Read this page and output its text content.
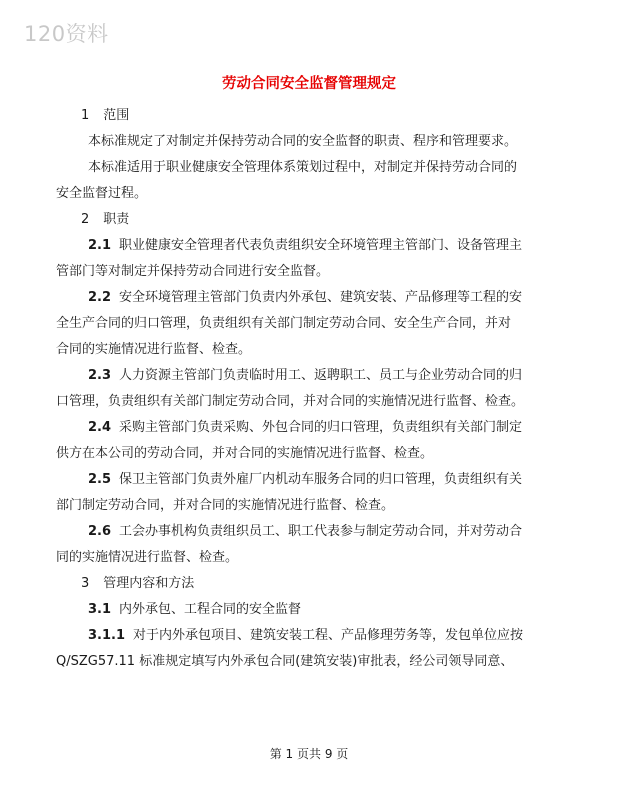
120资料
劳动合同安全监督管理规定
1 范围
本标准规定了对制定并保持劳动合同的安全监督的职责、程序和管理要求。
本标准适用于职业健康安全管理体系策划过程中，对制定并保持劳动合同的
安全监督过程。
2 职责
2.1 职业健康安全管理者代表负责组织安全环境管理主管部门、设备管理主
管部门等对制定并保持劳动合同进行安全监督。
2.2 安全环境管理主管部门负责内外承包、建筑安装、产品修理等工程的安
全生产合同的归口管理，负责组织有关部门制定劳动合同、安全生产合同，并对
合同的实施情况进行监督、检查。
2.3 人力资源主管部门负责临时用工、返聘职工、员工与企业劳动合同的归
口管理，负责组织有关部门制定劳动合同，并对合同的实施情况进行监督、检查。
2.4 采购主管部门负责采购、外包合同的归口管理，负责组织有关部门制定
供方在本公司的劳动合同，并对合同的实施情况进行监督、检查。
2.5 保卫主管部门负责外雇厂内机动车服务合同的归口管理，负责组织有关
部门制定劳动合同，并对合同的实施情况进行监督、检查。
2.6 工会办事机构负责组织员工、职工代表参与制定劳动合同，并对劳动合
同的实施情况进行监督、检查。
3 管理内容和方法
3.1 内外承包、工程合同的安全监督
3.1.1 对于内外承包项目、建筑安装工程、产品修理劳务等，发包单位应按
Q/SZG57.11 标准规定填写内外承包合同(建筑安装)审批表，经公司领导同意、
第 1 页共 9 页
